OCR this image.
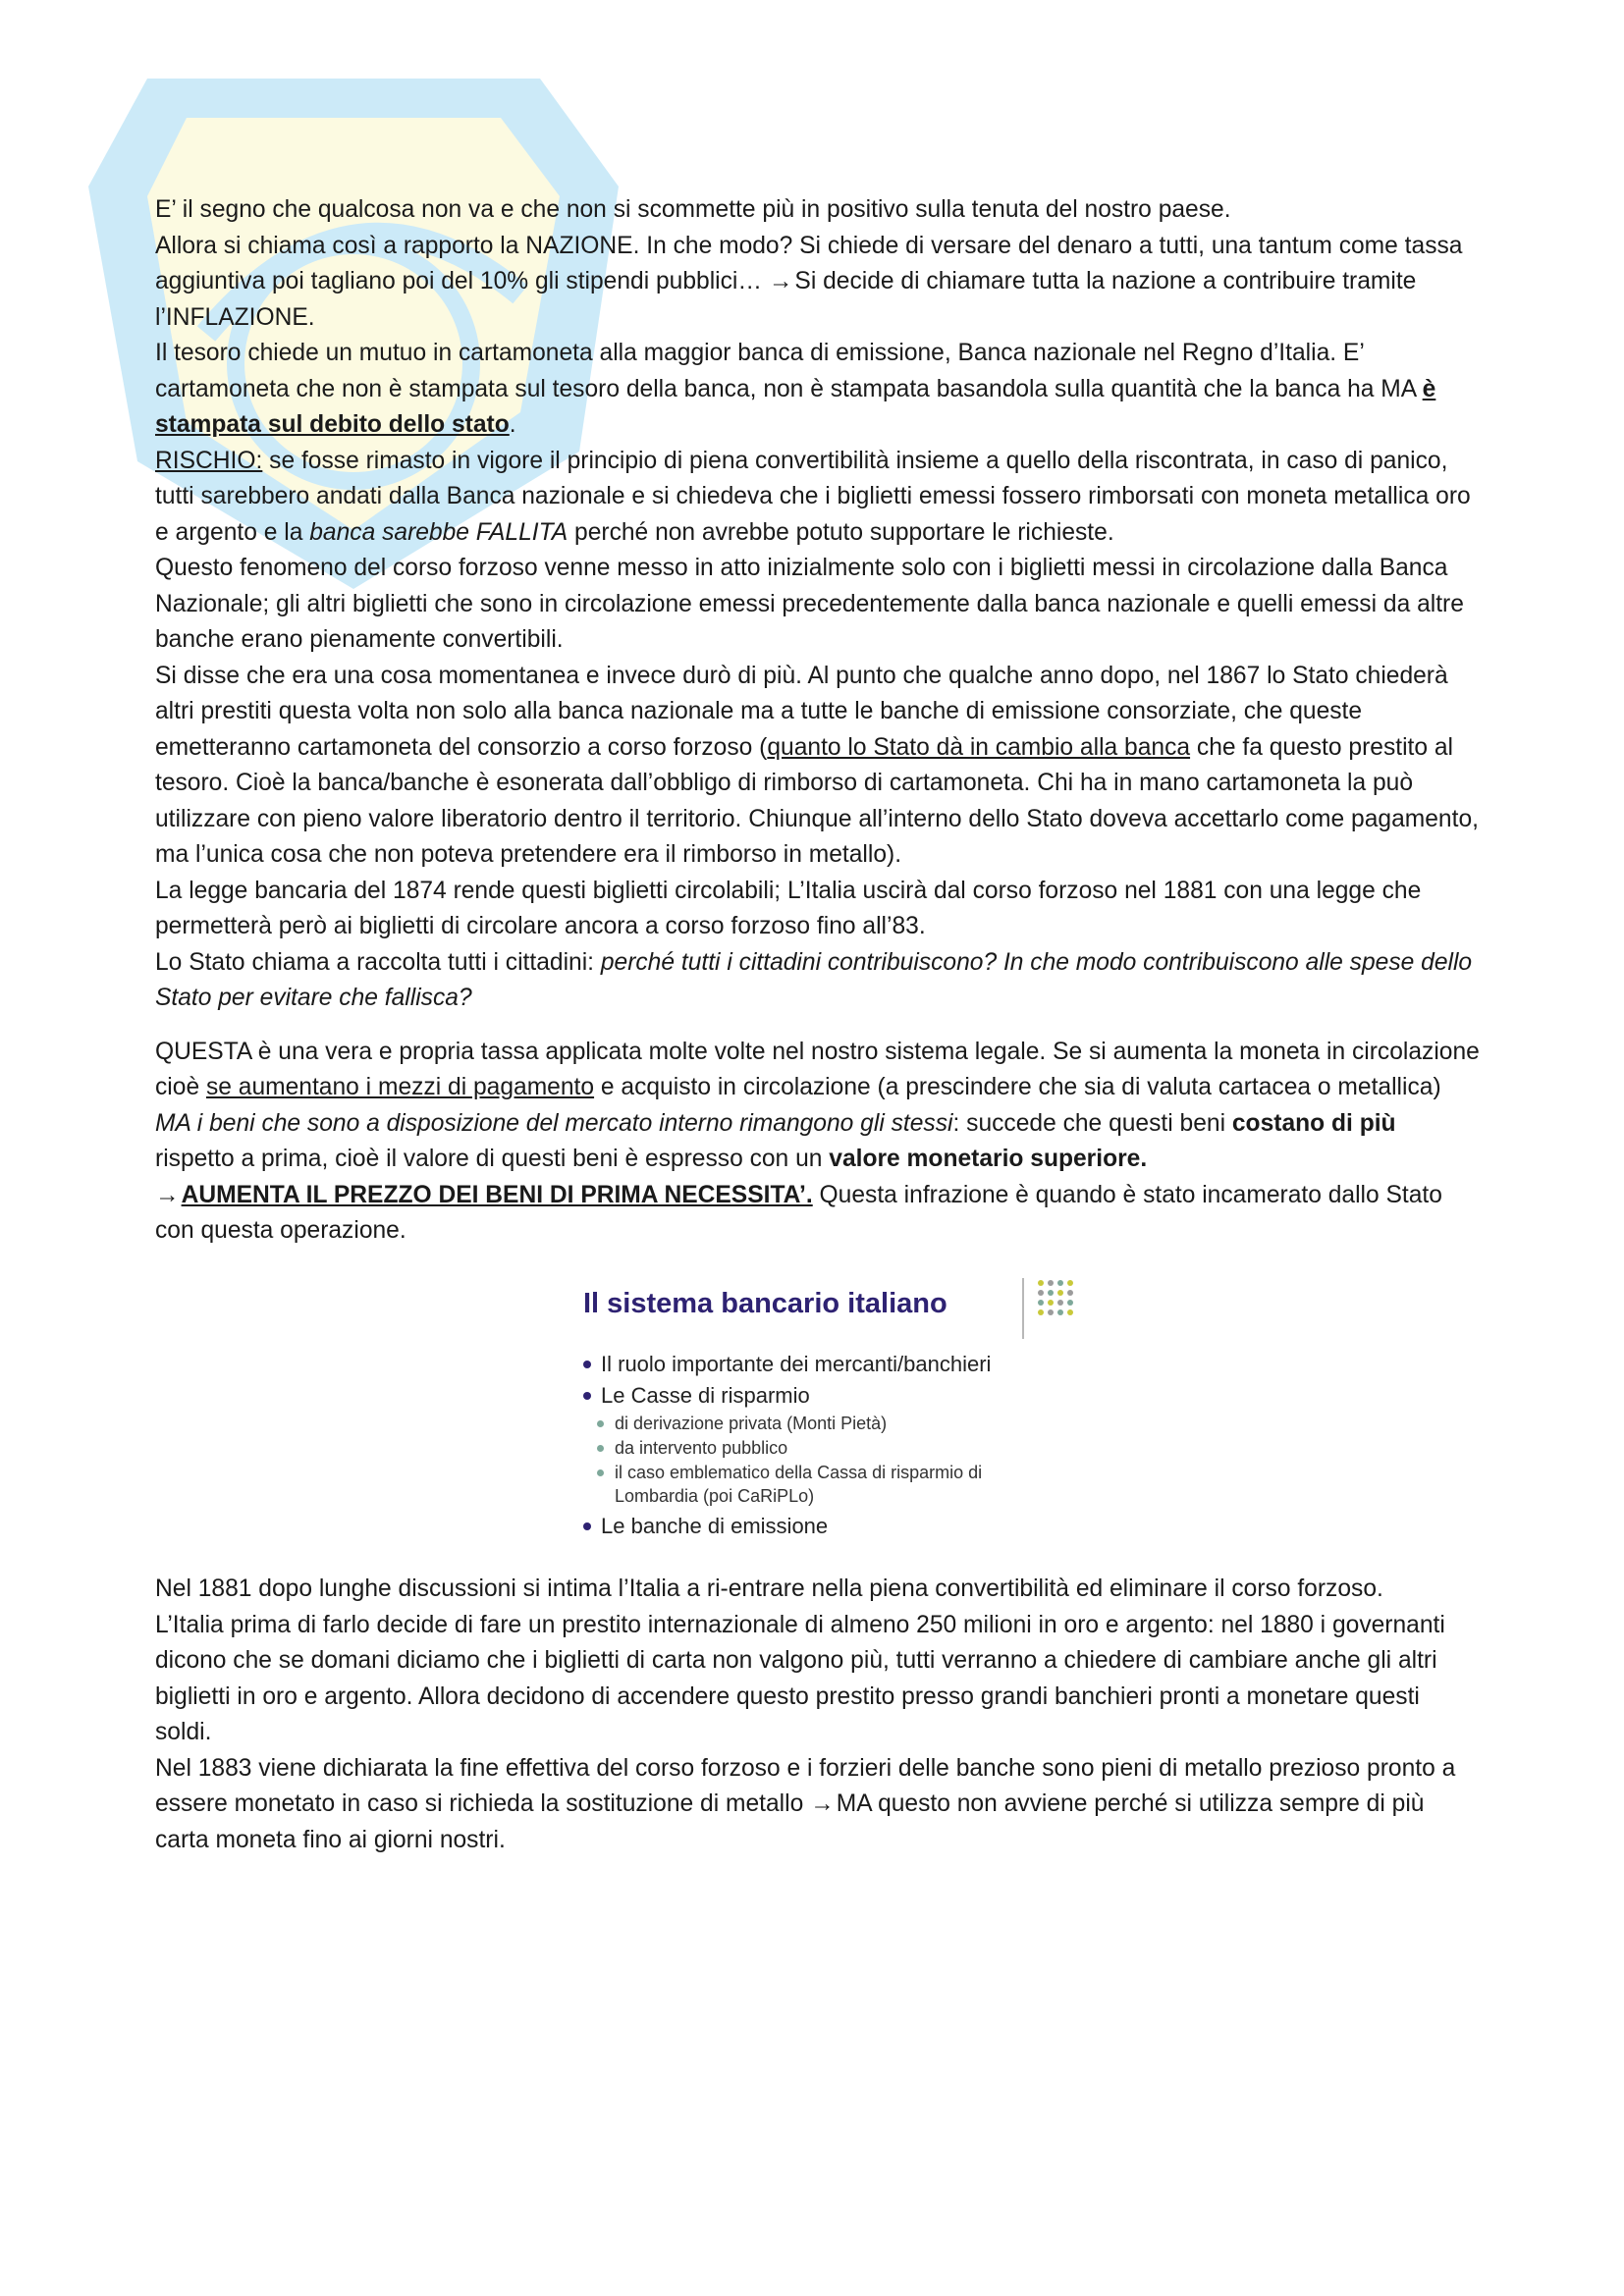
E’ il segno che qualcosa non va e che non si scommette più in positivo sulla tenuta del nostro paese.

Allora si chiama così a rapporto la NAZIONE. In che modo? Si chiede di versare del denaro a tutti, una tantum come tassa aggiuntiva poi tagliano poi del 10% gli stipendi pubblici… →Si decide di chiamare tutta la nazione a contribuire tramite l’INFLAZIONE.

Il tesoro chiede un mutuo in cartamoneta alla maggior banca di emissione, Banca nazionale nel Regno d’Italia. E’ cartamoneta che non è stampata sul tesoro della banca, non è stampata basandola sulla quantità che la banca ha MA è stampata sul debito dello stato.

RISCHIO: se fosse rimasto in vigore il principio di piena convertibilità insieme a quello della riscontrata, in caso di panico, tutti sarebbero andati dalla Banca nazionale e si chiedeva che i biglietti emessi fossero rimborsati con moneta metallica oro e argento e la banca sarebbe FALLITA perché non avrebbe potuto supportare le richieste.

Questo fenomeno del corso forzoso venne messo in atto inizialmente solo con i biglietti messi in circolazione dalla Banca Nazionale; gli altri biglietti che sono in circolazione emessi precedentemente dalla banca nazionale e quelli emessi da altre banche erano pienamente convertibili.

Si disse che era una cosa momentanea e invece durò di più. Al punto che qualche anno dopo, nel 1867 lo Stato chiederà altri prestiti questa volta non solo alla banca nazionale ma a tutte le banche di emissione consorziate, che queste emetteranno cartamoneta del consorzio a corso forzoso (quanto lo Stato dà in cambio alla banca che fa questo prestito al tesoro. Cioè la banca/banche è esonerata dall’obbligo di rimborso di cartamoneta. Chi ha in mano cartamoneta la può utilizzare con pieno valore liberatorio dentro il territorio. Chiunque all’interno dello Stato doveva accettarlo come pagamento, ma l’unica cosa che non poteva pretendere era il rimborso in metallo).

La legge bancaria del 1874 rende questi biglietti circolabili; L’Italia uscirà dal corso forzoso nel 1881 con una legge che permetterà però ai biglietti di circolare ancora a corso forzoso fino all’83.

Lo Stato chiama a raccolta tutti i cittadini: perché tutti i cittadini contribuiscono? In che modo contribuiscono alle spese dello Stato per evitare che fallisca?

QUESTA è una vera e propria tassa applicata molte volte nel nostro sistema legale. Se si aumenta la moneta in circolazione cioè se aumentano i mezzi di pagamento e acquisto in circolazione (a prescindere che sia di valuta cartacea o metallica) MA i beni che sono a disposizione del mercato interno rimangono gli stessi: succede che questi beni costano di più rispetto a prima, cioè il valore di questi beni è espresso con un valore monetario superiore.
→AUMENTA IL PREZZO DEI BENI DI PRIMA NECESSITA’. Questa infrazione è quando è stato incamerato dallo Stato con questa operazione.

Il sistema bancario italiano
Il ruolo importante dei mercanti/banchieri
Le Casse di risparmio
di derivazione privata (Monti Pietà)
da intervento pubblico
il caso emblematico della Cassa di risparmio di
Lombardia (poi CaRiPLo)
Le banche di emissione

Nel 1881 dopo lunghe discussioni si intima l’Italia a ri-entrare nella piena convertibilità ed eliminare il corso forzoso.

L’Italia prima di farlo decide di fare un prestito internazionale di almeno 250 milioni in oro e argento: nel 1880 i governanti dicono che se domani diciamo che i biglietti di carta non valgono più, tutti verranno a chiedere di cambiare anche gli altri biglietti in oro e argento. Allora decidono di accendere questo prestito presso grandi banchieri pronti a monetare questi soldi.

Nel 1883 viene dichiarata la fine effettiva del corso forzoso e i forzieri delle banche sono pieni di metallo prezioso pronto a essere monetato in caso si richieda la sostituzione di metallo →MA questo non avviene perché si utilizza sempre di più carta moneta fino ai giorni nostri.
